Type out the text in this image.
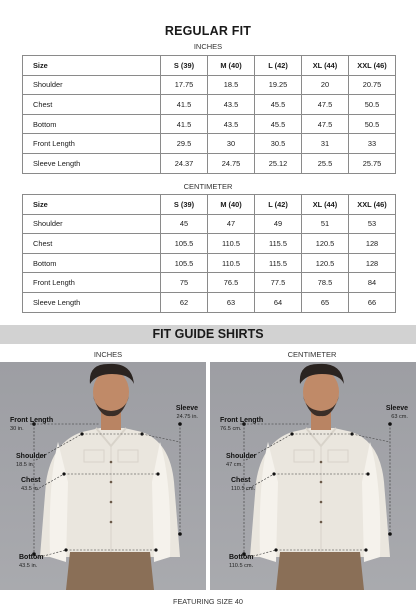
REGULAR FIT
INCHES
Size	S (39)	M (40)	L (42)	XL (44)	XXL (46)
Shoulder	17.75	18.5	19.25	20	20.75
Chest	41.5	43.5	45.5	47.5	50.5
Bottom	41.5	43.5	45.5	47.5	50.5
Front Length	29.5	30	30.5	31	33
Sleeve Length	24.37	24.75	25.12	25.5	25.75
CENTIMETER
Size	S (39)	M (40)	L (42)	XL (44)	XXL (46)
Shoulder	45	47	49	51	53
Chest	105.5	110.5	115.5	120.5	128
Bottom	105.5	110.5	115.5	120.5	128
Front Length	75	76.5	77.5	78.5	84
Sleeve Length	62	63	64	65	66
FIT GUIDE SHIRTS
INCHES	CENTIMETER
Front Length
30 in.
Shoulder
18.5 in.
Chest
43.5 in.
Bottom
43.5 in.
Sleeve
24.75 in.	Front Length
76.5 cm.
Shoulder
47 cm.
Chest
110.5 cm.
Bottom
110.5 cm.
Sleeve
63 cm.
FEATURING SIZE 40
